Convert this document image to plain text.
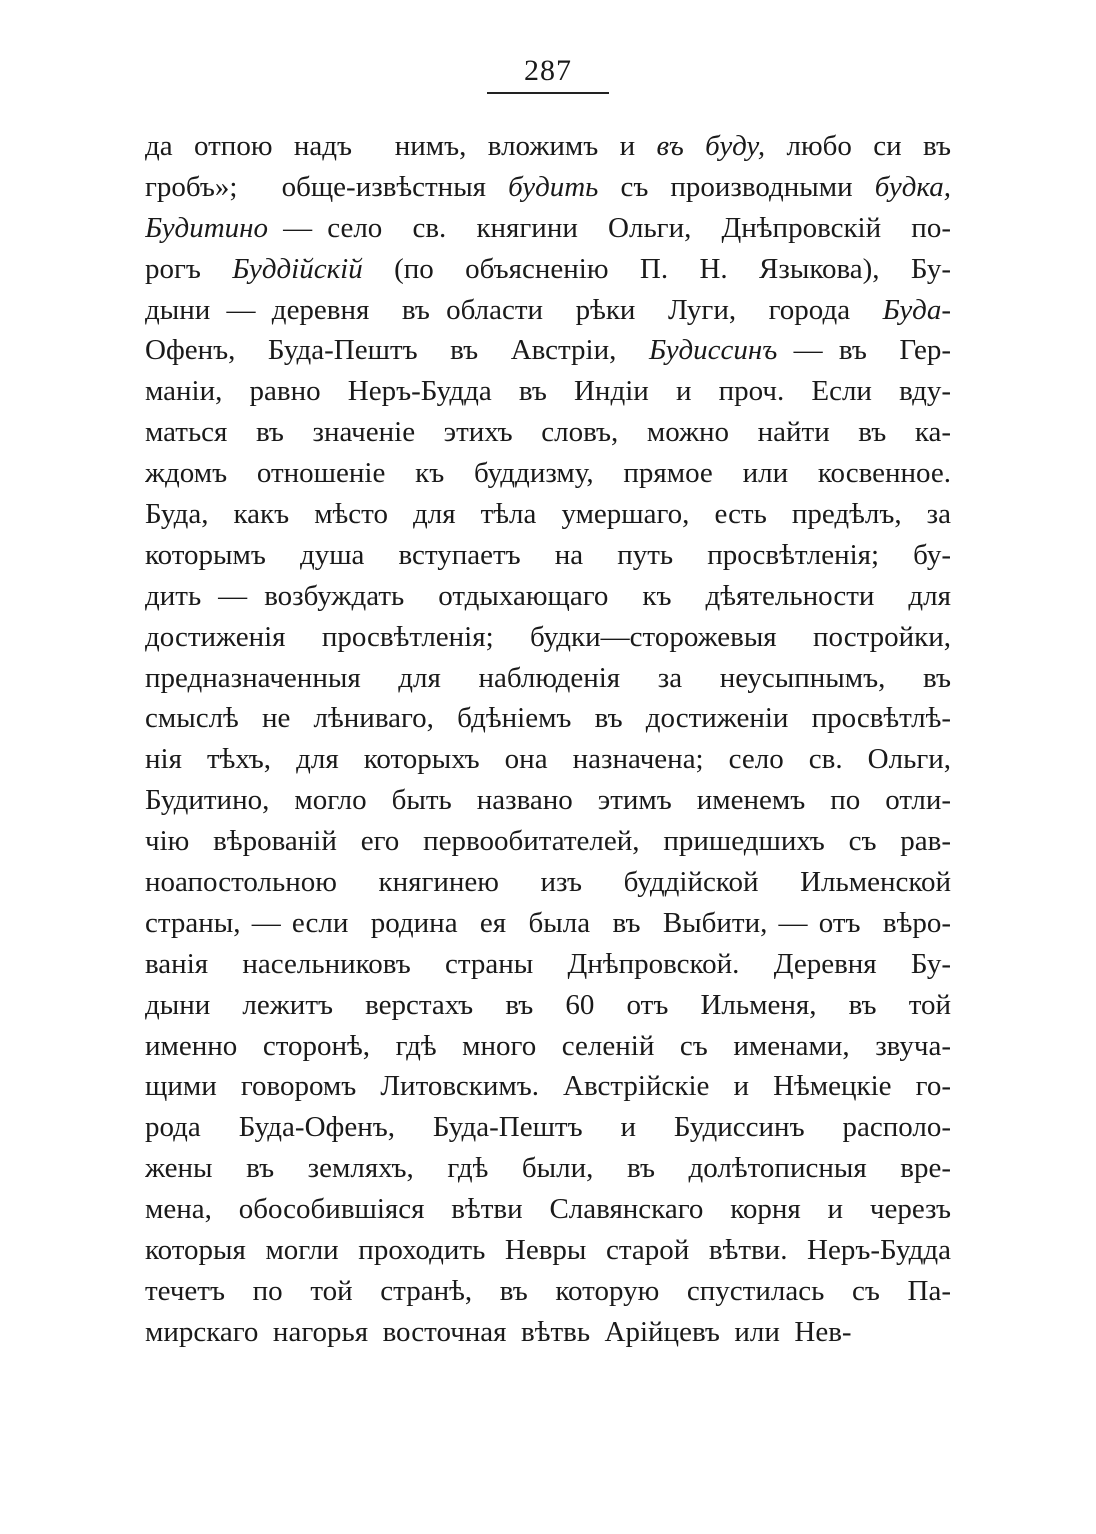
287
да отпою надъ  нимъ, вложимъ и въ буду, любо си въ
гробъ»;  обще-извѣстныя будить съ производными будка,
Будитино — село  св.  княгини  Ольги,  Днѣпровскій  по-
рогъ  Буддійскій  (по  объясненію  П.  Н.  Языкова),  Бу-
дыни — деревня  въ области  рѣки  Луги,  города  Буда-
Офенъ,  Буда-Пештъ  въ  Австріи,  Будиссинъ — въ  Гер-
маніи,  равно  Неръ-Будда  въ  Индіи  и  проч.  Если  вду-
маться  въ  значеніе  этихъ  словъ,  можно  найти  въ  ка-
ждомъ  отношеніе  къ  буддизму,  прямое  или  косвенное.
Буда,  какъ  мѣсто  для  тѣла  умершаго,  есть  предѣлъ,  за
которымъ  душа  вступаетъ  на  путь  просвѣтленія;  бу-
дить — возбуждать  отдыхающаго  къ  дѣятельности  для
достиженія  просвѣтленія;  будки—сторожевыя  постройки,
предназначенныя  для  наблюденія  за  неусыпнымъ,  въ
смыслѣ  не  лѣниваго,  бдѣніемъ  въ  достиженіи  просвѣтлѣ-
нія  тѣхъ,  для  которыхъ  она  назначена;  село  св.  Ольги,
Будитино,  могло  быть  названо  этимъ  именемъ  по  отли-
чію  вѣрованій  его  первообитателей,  пришедшихъ  съ  рав-
ноапостольною  княгинею  изъ  буддійской  Ильменской
страны, — если  родина  ея  была  въ  Выбити, — отъ  вѣро-
ванія  насельниковъ  страны  Днѣпровской.  Деревня  Бу-
дыни  лежитъ  верстахъ  въ  60  отъ  Ильменя,  въ  той
именно  сторонѣ,  гдѣ  много  селеній  съ  именами,  звуча-
щими  говоромъ  Литовскимъ.  Австрійскіе  и  Нѣмецкіе  го-
рода  Буда-Офенъ,  Буда-Пештъ  и  Будиссинъ  располо-
жены  въ  земляхъ,  гдѣ  были,  въ  долѣтописныя  вре-
мена,  обособившіяся  вѣтви  Славянскаго  корня  и  черезъ
которыя  могли  проходить  Невры  старой  вѣтви.  Неръ-Будда
течетъ  по  той  странѣ,  въ  которую  спустилась  съ  Па-
мирскаго  нагорья  восточная  вѣтвь  Арійцевъ  или  Нев-
